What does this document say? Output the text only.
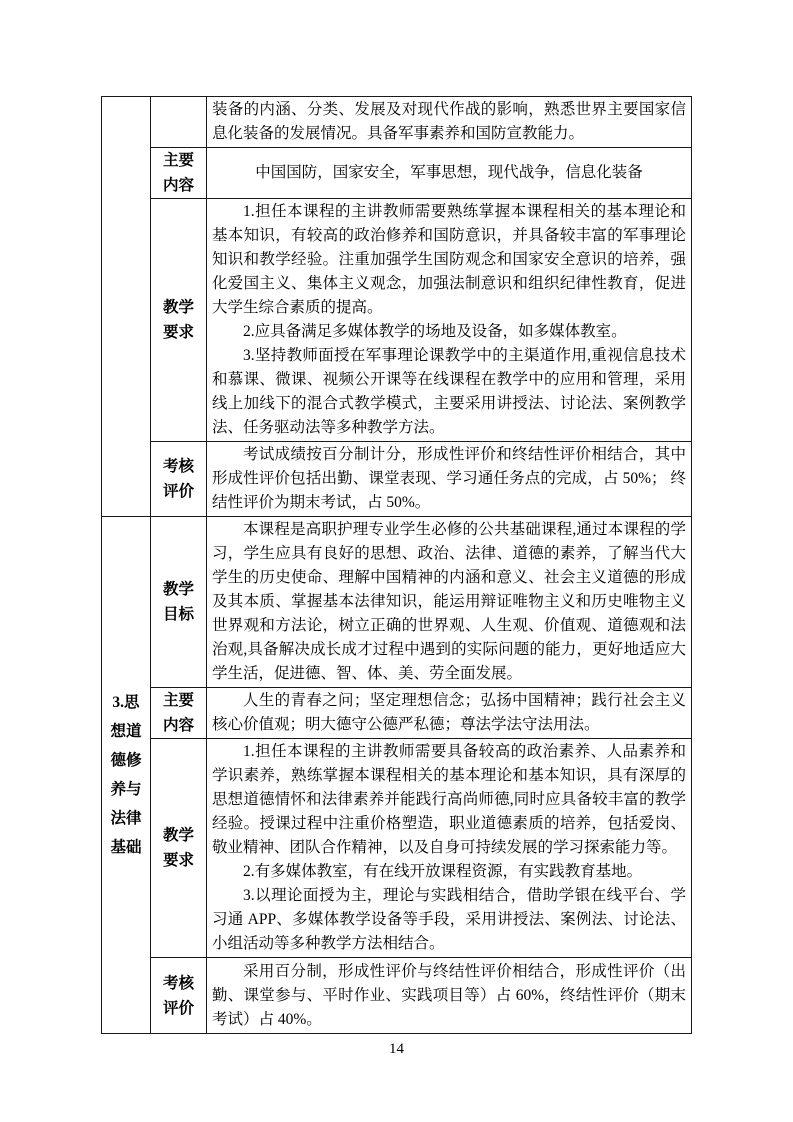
		装备的内涵、分类、发展及对现代作战的影响，熟悉世界主要国家信息化装备的发展情况。具备军事素养和国防宣教能力。

	主要内容	中国国防，国家安全，军事思想，现代战争，信息化装备

	教学要求	1.担任本课程的主讲教师需要熟练掌握本课程相关的基本理论和基本知识，有较高的政治修养和国防意识，并具备较丰富的军事理论知识和教学经验。注重加强学生国防观念和国家安全意识的培养，强化爱国主义、集体主义观念，加强法制意识和组织纪律性教育，促进大学生综合素质的提高。

2.应具备满足多媒体教学的场地及设备，如多媒体教室。

3.坚持教师面授在军事理论课教学中的主渠道作用,重视信息技术和慕课、微课、视频公开课等在线课程在教学中的应用和管理，采用线上加线下的混合式教学模式，主要采用讲授法、讨论法、案例教学法、任务驱动法等多种教学方法。

	考核评价	考试成绩按百分制计分，形成性评价和终结性评价相结合，其中形成性评价包括出勤、课堂表现、学习通任务点的完成，占 50%； 终结性评价为期末考试，占 50%。

3.思想道德修养与法律基础	教学目标	本课程是高职护理专业学生必修的公共基础课程,通过本课程的学习，学生应具有良好的思想、政治、法律、道德的素养，了解当代大学生的历史使命、理解中国精神的内涵和意义、社会主义道德的形成及其本质、掌握基本法律知识，能运用辩证唯物主义和历史唯物主义世界观和方法论，树立正确的世界观、人生观、价值观、道德观和法治观,具备解决成长成才过程中遇到的实际问题的能力，更好地适应大学生活，促进德、智、体、美、劳全面发展。

	主要内容	人生的青春之问；坚定理想信念；弘扬中国精神；践行社会主义核心价值观；明大德守公德严私德；尊法学法守法用法。

	教学要求	1.担任本课程的主讲教师需要具备较高的政治素养、人品素养和学识素养，熟练掌握本课程相关的基本理论和基本知识，具有深厚的思想道德情怀和法律素养并能践行高尚师德,同时应具备较丰富的教学经验。授课过程中注重价格塑造，职业道德素质的培养，包括爱岗、敬业精神、团队合作精神，以及自身可持续发展的学习探索能力等。

2.有多媒体教室，有在线开放课程资源，有实践教育基地。

3.以理论面授为主，理论与实践相结合，借助学银在线平台、学习通 APP、多媒体教学设备等手段，采用讲授法、案例法、讨论法、小组活动等多种教学方法相结合。

	考核评价	采用百分制，形成性评价与终结性评价相结合，形成性评价（出勤、课堂参与、平时作业、实践项目等）占 60%，终结性评价（期末考试）占 40%。

14
